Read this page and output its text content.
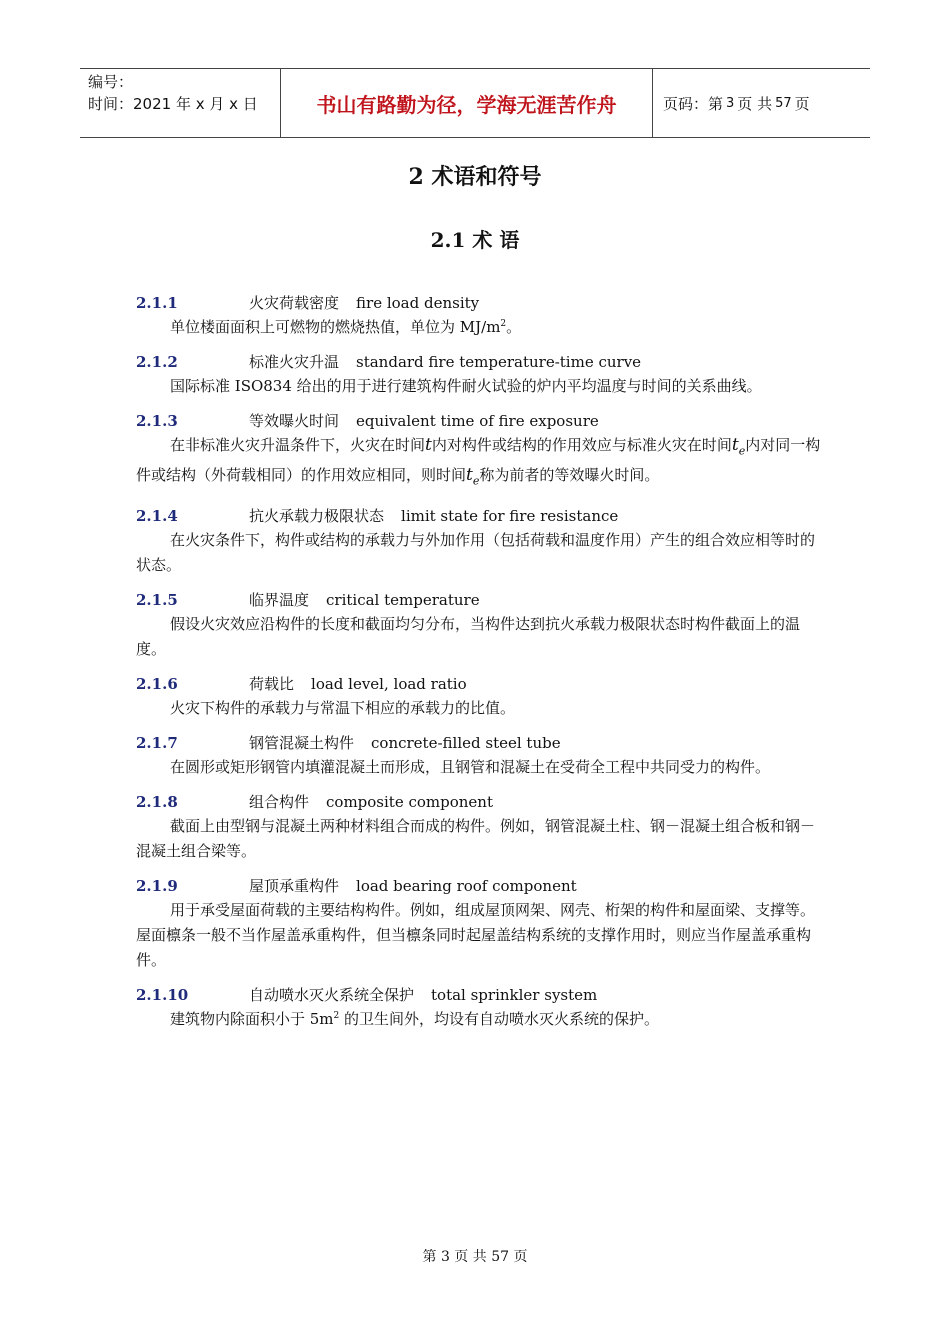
编号：
时间：2021 年 x 月 x 日	书山有路勤为径，学海无涯苦作舟	页码：第 3 页 共 57 页
2 术语和符号
2.1 术 语
2.1.1	火灾荷载密度	fire load density
单位楼面面积上可燃物的燃烧热值，单位为 $MJ/m^2$。
2.1.2	标准火灾升温	standard fire temperature-time curve
国际标准 ISO834 给出的用于进行建筑构件耐火试验的炉内平均温度与时间的关系曲线。
2.1.3	等效曝火时间	equivalent time of fire exposure
在非标准火灾升温条件下，火灾在时间t内对构件或结构的作用效应与标准火灾在时间$t_e$内对同一构件或结构（外荷载相同）的作用效应相同，则时间$t_e$称为前者的等效曝火时间。
2.1.4	抗火承载力极限状态	limit state for fire resistance
在火灾条件下，构件或结构的承载力与外加作用（包括荷载和温度作用）产生的组合效应相等时的状态。
2.1.5	临界温度	critical temperature
假设火灾效应沿构件的长度和截面均匀分布，当构件达到抗火承载力极限状态时构件截面上的温度。
2.1.6	荷载比	load level, load ratio
火灾下构件的承载力与常温下相应的承载力的比值。
2.1.7	钢管混凝土构件	concrete-filled steel tube
在圆形或矩形钢管内填灌混凝土而形成，且钢管和混凝土在受荷全工程中共同受力的构件。
2.1.8	组合构件	composite component
截面上由型钢与混凝土两种材料组合而成的构件。例如，钢管混凝土柱、钢－混凝土组合板和钢－混凝土组合梁等。
2.1.9	屋顶承重构件	load bearing roof component
用于承受屋面荷载的主要结构构件。例如，组成屋顶网架、网壳、桁架的构件和屋面梁、支撑等。屋面檩条一般不当作屋盖承重构件，但当檩条同时起屋盖结构系统的支撑作用时，则应当作屋盖承重构件。
2.1.10	自动喷水灭火系统全保护	total sprinkler system
建筑物内除面积小于 $5m^2$ 的卫生间外，均设有自动喷水灭火系统的保护。
第 3 页 共 57 页
